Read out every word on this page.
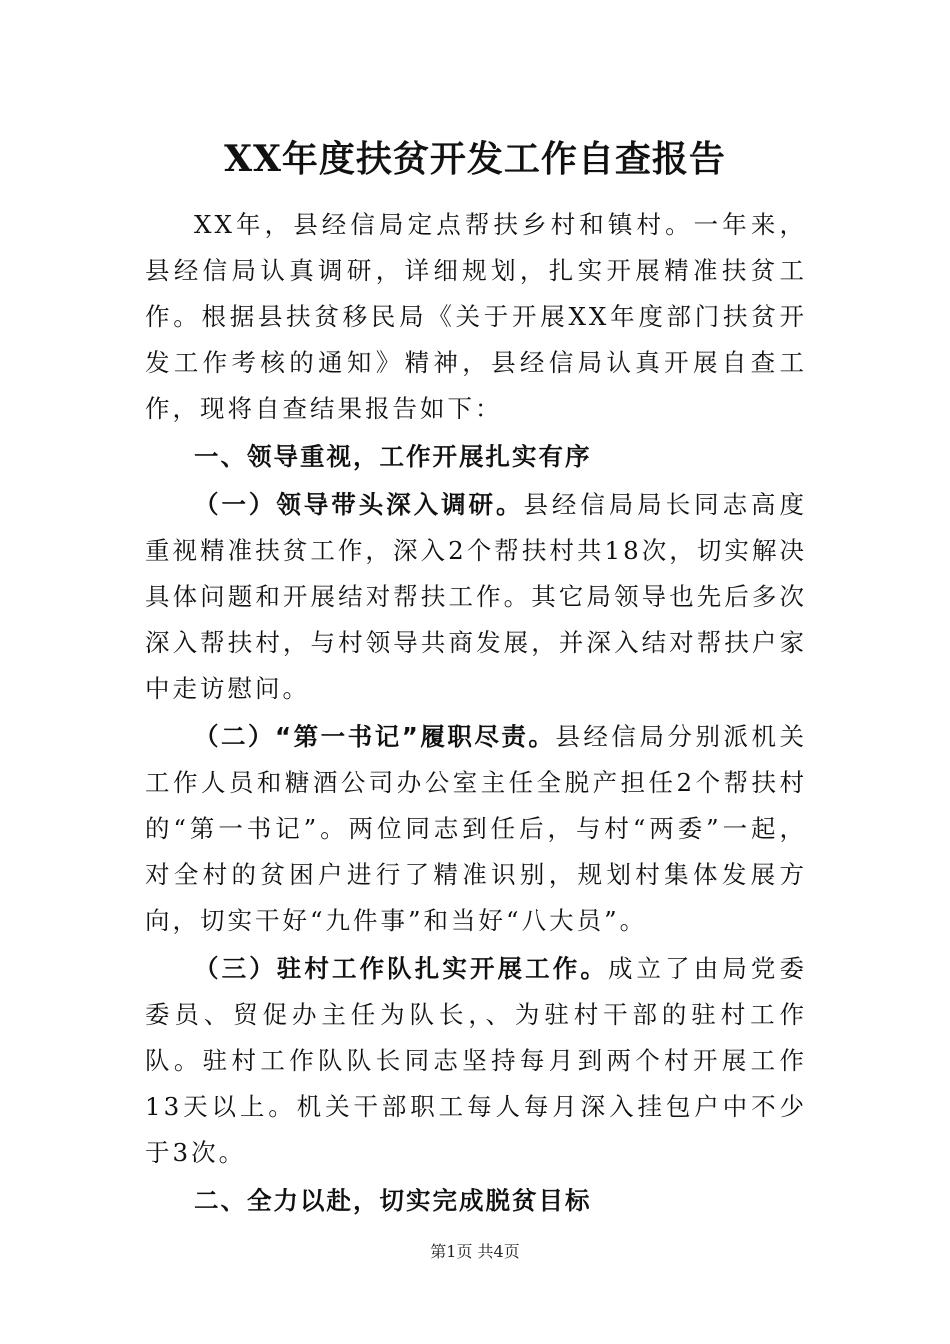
XX年度扶贫开发工作自查报告

XX年，县经信局定点帮扶乡村和镇村。一年来，县经信局认真调研，详细规划，扎实开展精准扶贫工作。根据县扶贫移民局《关于开展XX年度部门扶贫开发工作考核的通知》精神，县经信局认真开展自查工作，现将自查结果报告如下：

一、领导重视，工作开展扎实有序

（一）领导带头深入调研。县经信局局长同志高度重视精准扶贫工作，深入2个帮扶村共18次，切实解决具体问题和开展结对帮扶工作。其它局领导也先后多次深入帮扶村，与村领导共商发展，并深入结对帮扶户家中走访慰问。

（二）“第一书记”履职尽责。县经信局分别派机关工作人员和糖酒公司办公室主任全脱产担任2个帮扶村的“第一书记”。两位同志到任后，与村“两委”一起，对全村的贫困户进行了精准识别，规划村集体发展方向，切实干好“九件事”和当好“八大员”。

（三）驻村工作队扎实开展工作。成立了由局党委委员、贸促办主任为队长，、为驻村干部的驻村工作队。驻村工作队队长同志坚持每月到两个村开展工作13天以上。机关干部职工每人每月深入挂包户中不少于3次。

二、全力以赴，切实完成脱贫目标

第1页 共4页
